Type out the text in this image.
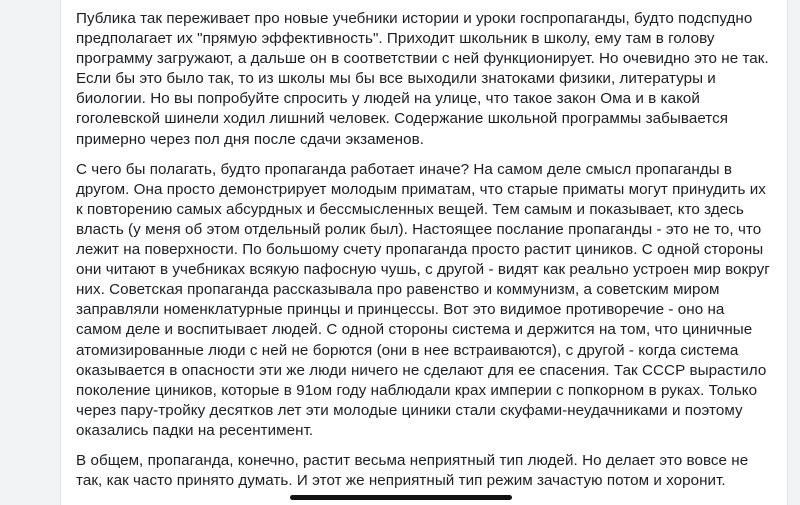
Публика так переживает про новые учебники истории и уроки госпропаганды, будто подспудно предполагает их "прямую эффективность". Приходит школьник в школу, ему там в голову программу загружают, а дальше он в соответствии с ней функционирует. Но очевидно это не так. Если бы это было так, то из школы мы бы все выходили знатоками физики, литературы и биологии. Но вы попробуйте спросить у людей на улице, что такое закон Ома и в какой гоголевской шинели ходил лишний человек. Содержание школьной программы забывается примерно через пол дня после сдачи экзаменов.

С чего бы полагать, будто пропаганда работает иначе? На самом деле смысл пропаганды в другом. Она просто демонстрирует молодым приматам, что старые приматы могут принудить их к повторению самых абсурдных и бессмысленных вещей. Тем самым и показывает, кто здесь власть (у меня об этом отдельный ролик был). Настоящее послание пропаганды - это не то, что лежит на поверхности. По большому счету пропаганда просто растит циников. С одной стороны они читают в учебниках всякую пафосную чушь, с другой - видят как реально устроен мир вокруг них. Советская пропаганда рассказывала про равенство и коммунизм, а советским миром заправляли номенклатурные принцы и принцессы. Вот это видимое противоречие - оно на самом деле и воспитывает людей. С одной стороны система и держится на том, что циничные атомизированные люди с ней не борются (они в нее встраиваются), с другой - когда система оказывается в опасности эти же люди ничего не сделают для ее спасения. Так СССР вырастило поколение циников, которые в 91ом году наблюдали крах империи с попкорном в руках. Только через пару-тройку десятков лет эти молодые циники стали скуфами-неудачниками и поэтому оказались падки на ресентимент.

В общем, пропаганда, конечно, растит весьма неприятный тип людей. Но делает это вовсе не так, как часто принято думать. И этот же неприятный тип режим зачастую потом и хоронит.
